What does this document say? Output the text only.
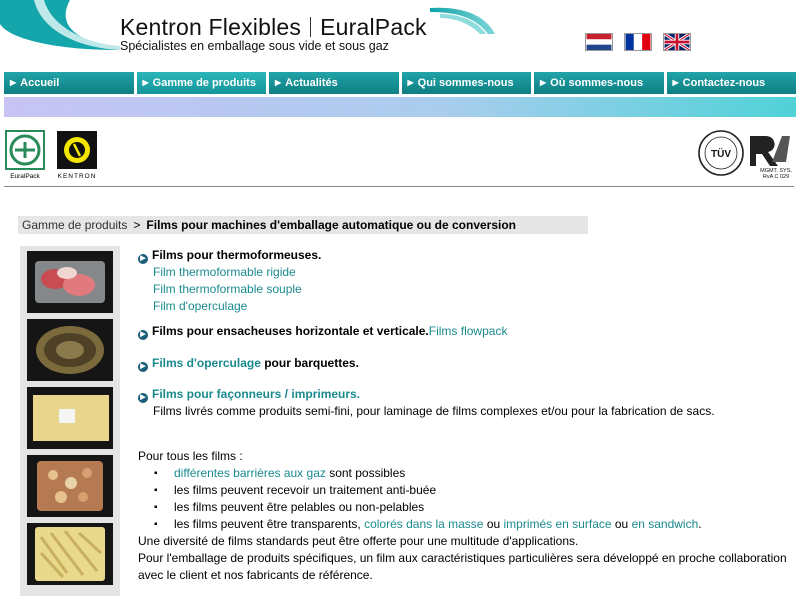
Kentron Flexibles EuralPack
Spécialistes en emballage sous vide et sous gaz
▶ Accueil	▶ Gamme de produits	▶ Actualités	▶ Qui sommes-nous	▶ Où sommes-nous	▶ Contactez-nous
EuralPack	KENTRON
TÜV
MGMT. SYS.
RvA C 029
Gamme de produits > Films pour machines d'emballage automatique ou de conversion
▶ Films pour thermoformeuses.
Film thermoformable rigide
Film thermoformable souple
Film d'operculage
▶ Films pour ensacheuses horizontale et verticale.Films flowpack
▶ Films d'operculage pour barquettes.
▶ Films pour façonneurs / imprimeurs.
Films livrés comme produits semi-fini, pour laminage de films complexes et/ou pour la fabrication de sacs.
Pour tous les films :
▪ différentes barrières aux gaz sont possibles
▪ les films peuvent recevoir un traitement anti-buée
▪ les films peuvent être pelables ou non-pelables
▪ les films peuvent être transparents, colorés dans la masse ou imprimés en surface ou en sandwich.
Une diversité de films standards peut être offerte pour une multitude d'applications.
Pour l'emballage de produits spécifiques, un film aux caractéristiques particulières sera développé en proche collaboration avec le client et nos fabricants de référence.
